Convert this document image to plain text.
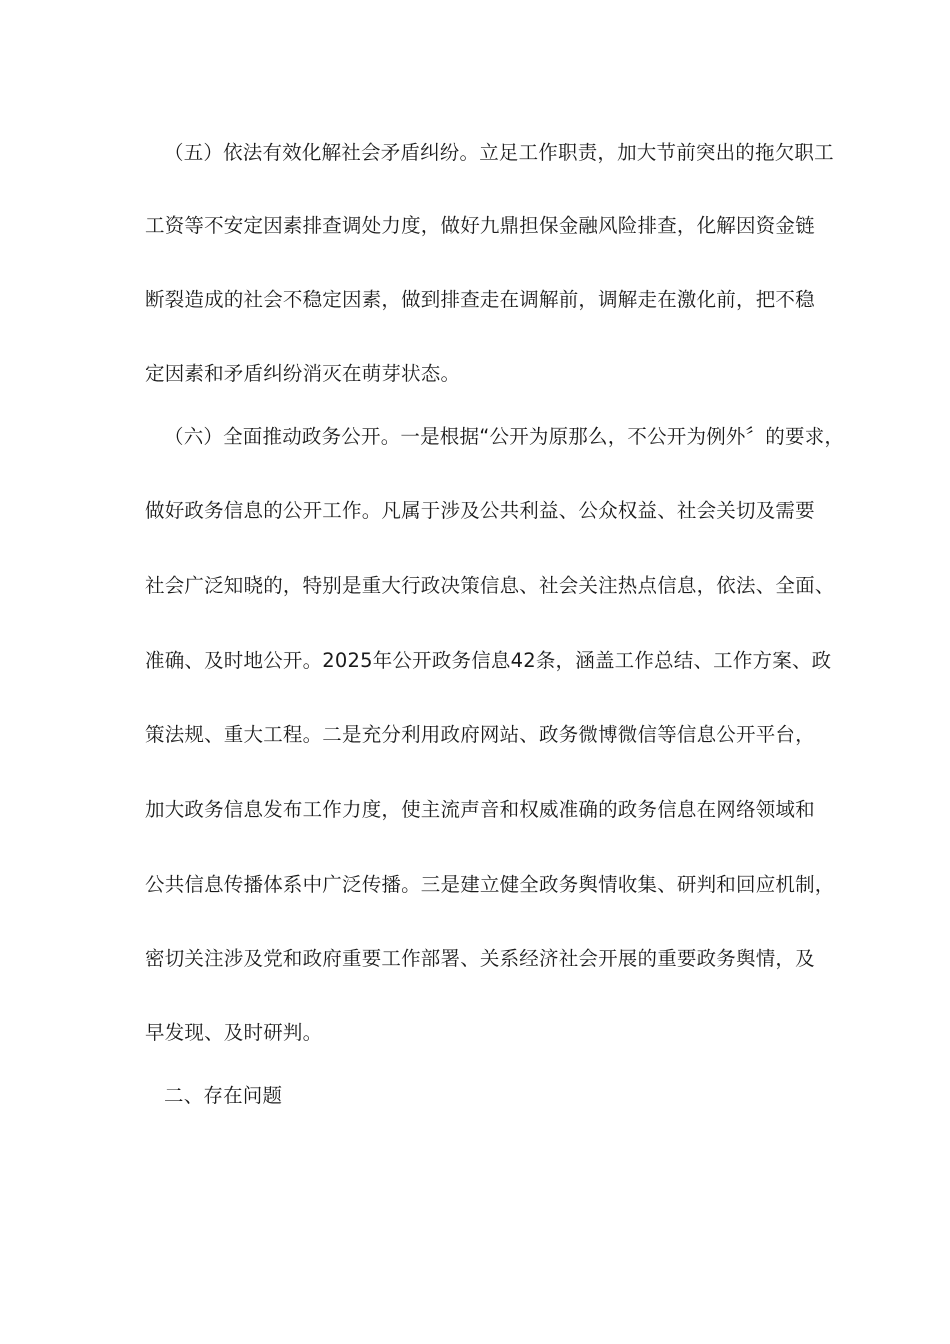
（五）依法有效化解社会矛盾纠纷。立足工作职责，加大节前突出的拖欠职工
工资等不安定因素排查调处力度，做好九鼎担保金融风险排查，化解因资金链
断裂造成的社会不稳定因素，做到排查走在调解前，调解走在激化前，把不稳
定因素和矛盾纠纷消灭在萌芽状态。
（六）全面推动政务公开。一是根据“公开为原那么，不公开为例外〞的要求，
做好政务信息的公开工作。凡属于涉及公共利益、公众权益、社会关切及需要
社会广泛知晓的，特别是重大行政决策信息、社会关注热点信息，依法、全面、
准确、及时地公开。2025年公开政务信息42条，涵盖工作总结、工作方案、政
策法规、重大工程。二是充分利用政府网站、政务微博微信等信息公开平台，
加大政务信息发布工作力度，使主流声音和权威准确的政务信息在网络领域和
公共信息传播体系中广泛传播。三是建立健全政务舆情收集、研判和回应机制，
密切关注涉及党和政府重要工作部署、关系经济社会开展的重要政务舆情，及
早发现、及时研判。
二、存在问题
